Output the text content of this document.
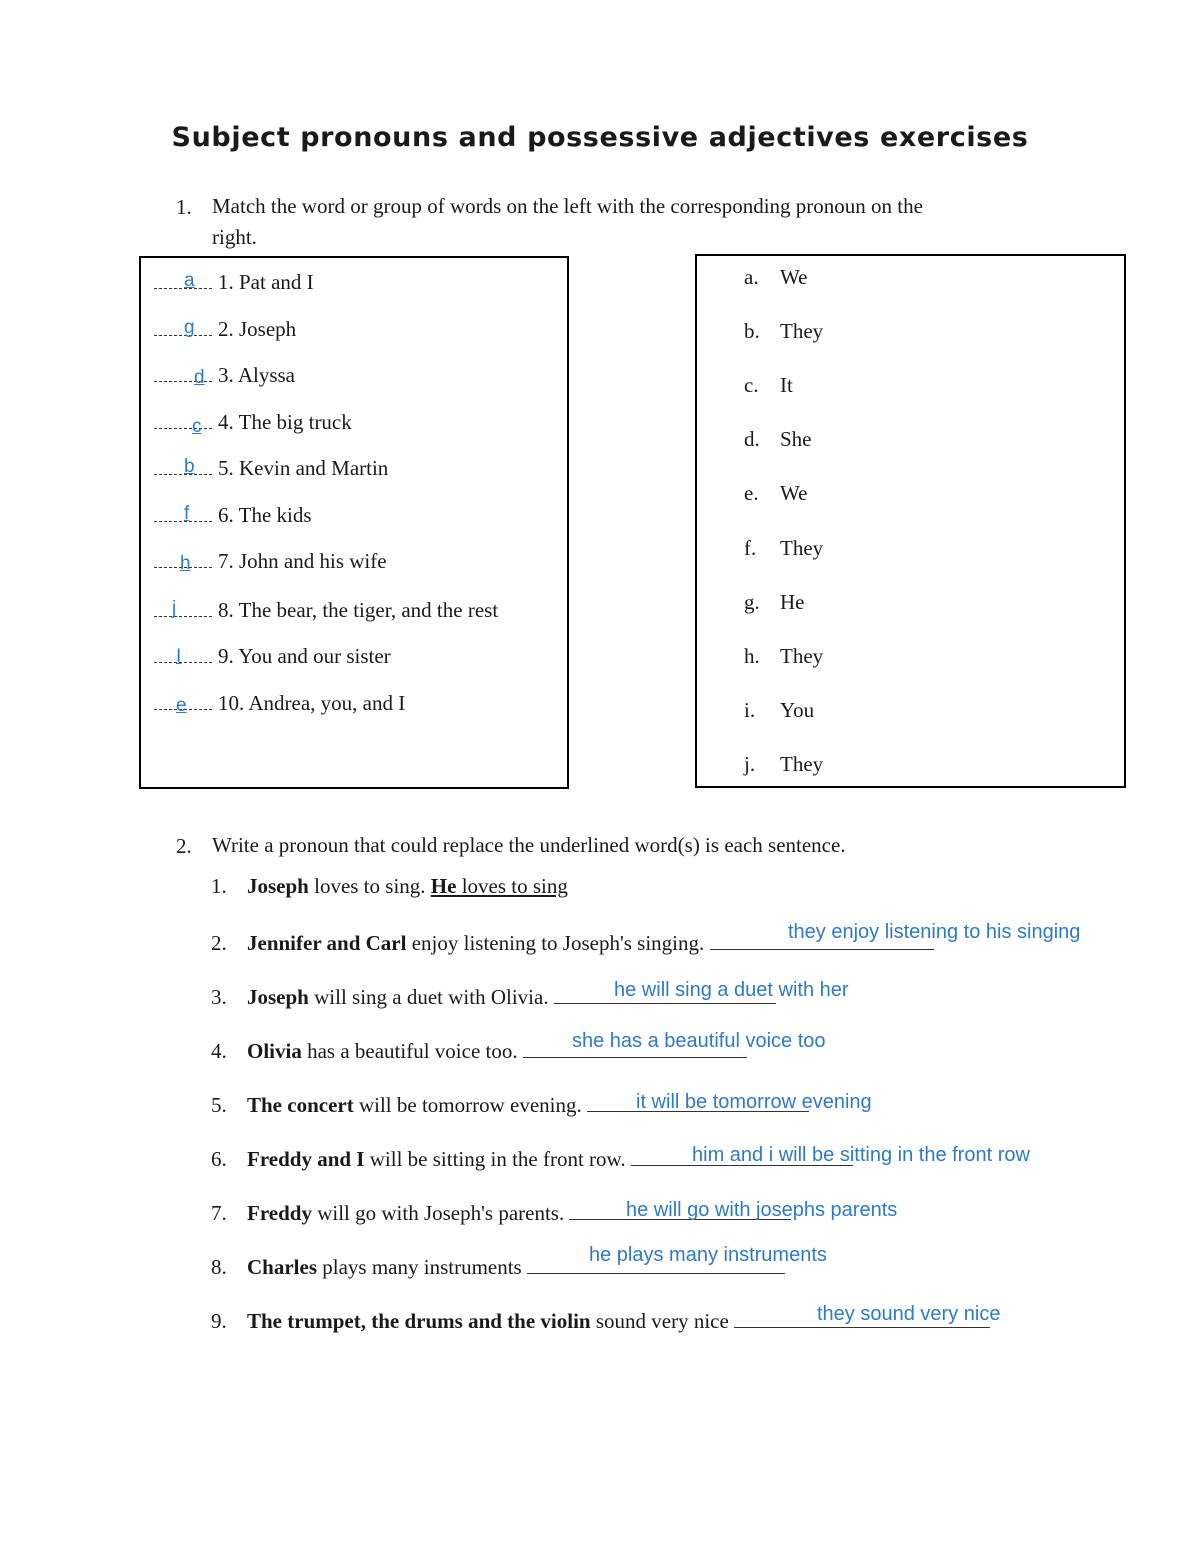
Subject pronouns and possessive adjectives exercises
1. Match the word or group of words on the left with the corresponding pronoun on the
right.
a 1. Pat and I
g 2. Joseph
d 3. Alyssa
c 4. The big truck
b 5. Kevin and Martin
f 6. The kids
h 7. John and his wife
j 8. The bear, the tiger, and the rest
I 9. You and our sister
e 10. Andrea, you, and I
a. We
b. They
c. It
d. She
e. We
f. They
g. He
h. They
i. You
j. They
2. Write a pronoun that could replace the underlined word(s) is each sentence.
1. Joseph loves to sing. He loves to sing
2. Jennifer and Carl enjoy listening to Joseph's singing.	they enjoy listening to his singing
3. Joseph will sing a duet with Olivia.	he will sing a duet with her
4. Olivia has a beautiful voice too.	she has a beautiful voice too
5. The concert will be tomorrow evening.	it will be tomorrow evening
6. Freddy and I will be sitting in the front row.	him and i will be sitting in the front row
7. Freddy will go with Joseph's parents.	he will go with josephs parents
8. Charles plays many instruments	he plays many instruments
9. The trumpet, the drums and the violin sound very nice	they sound very nice
